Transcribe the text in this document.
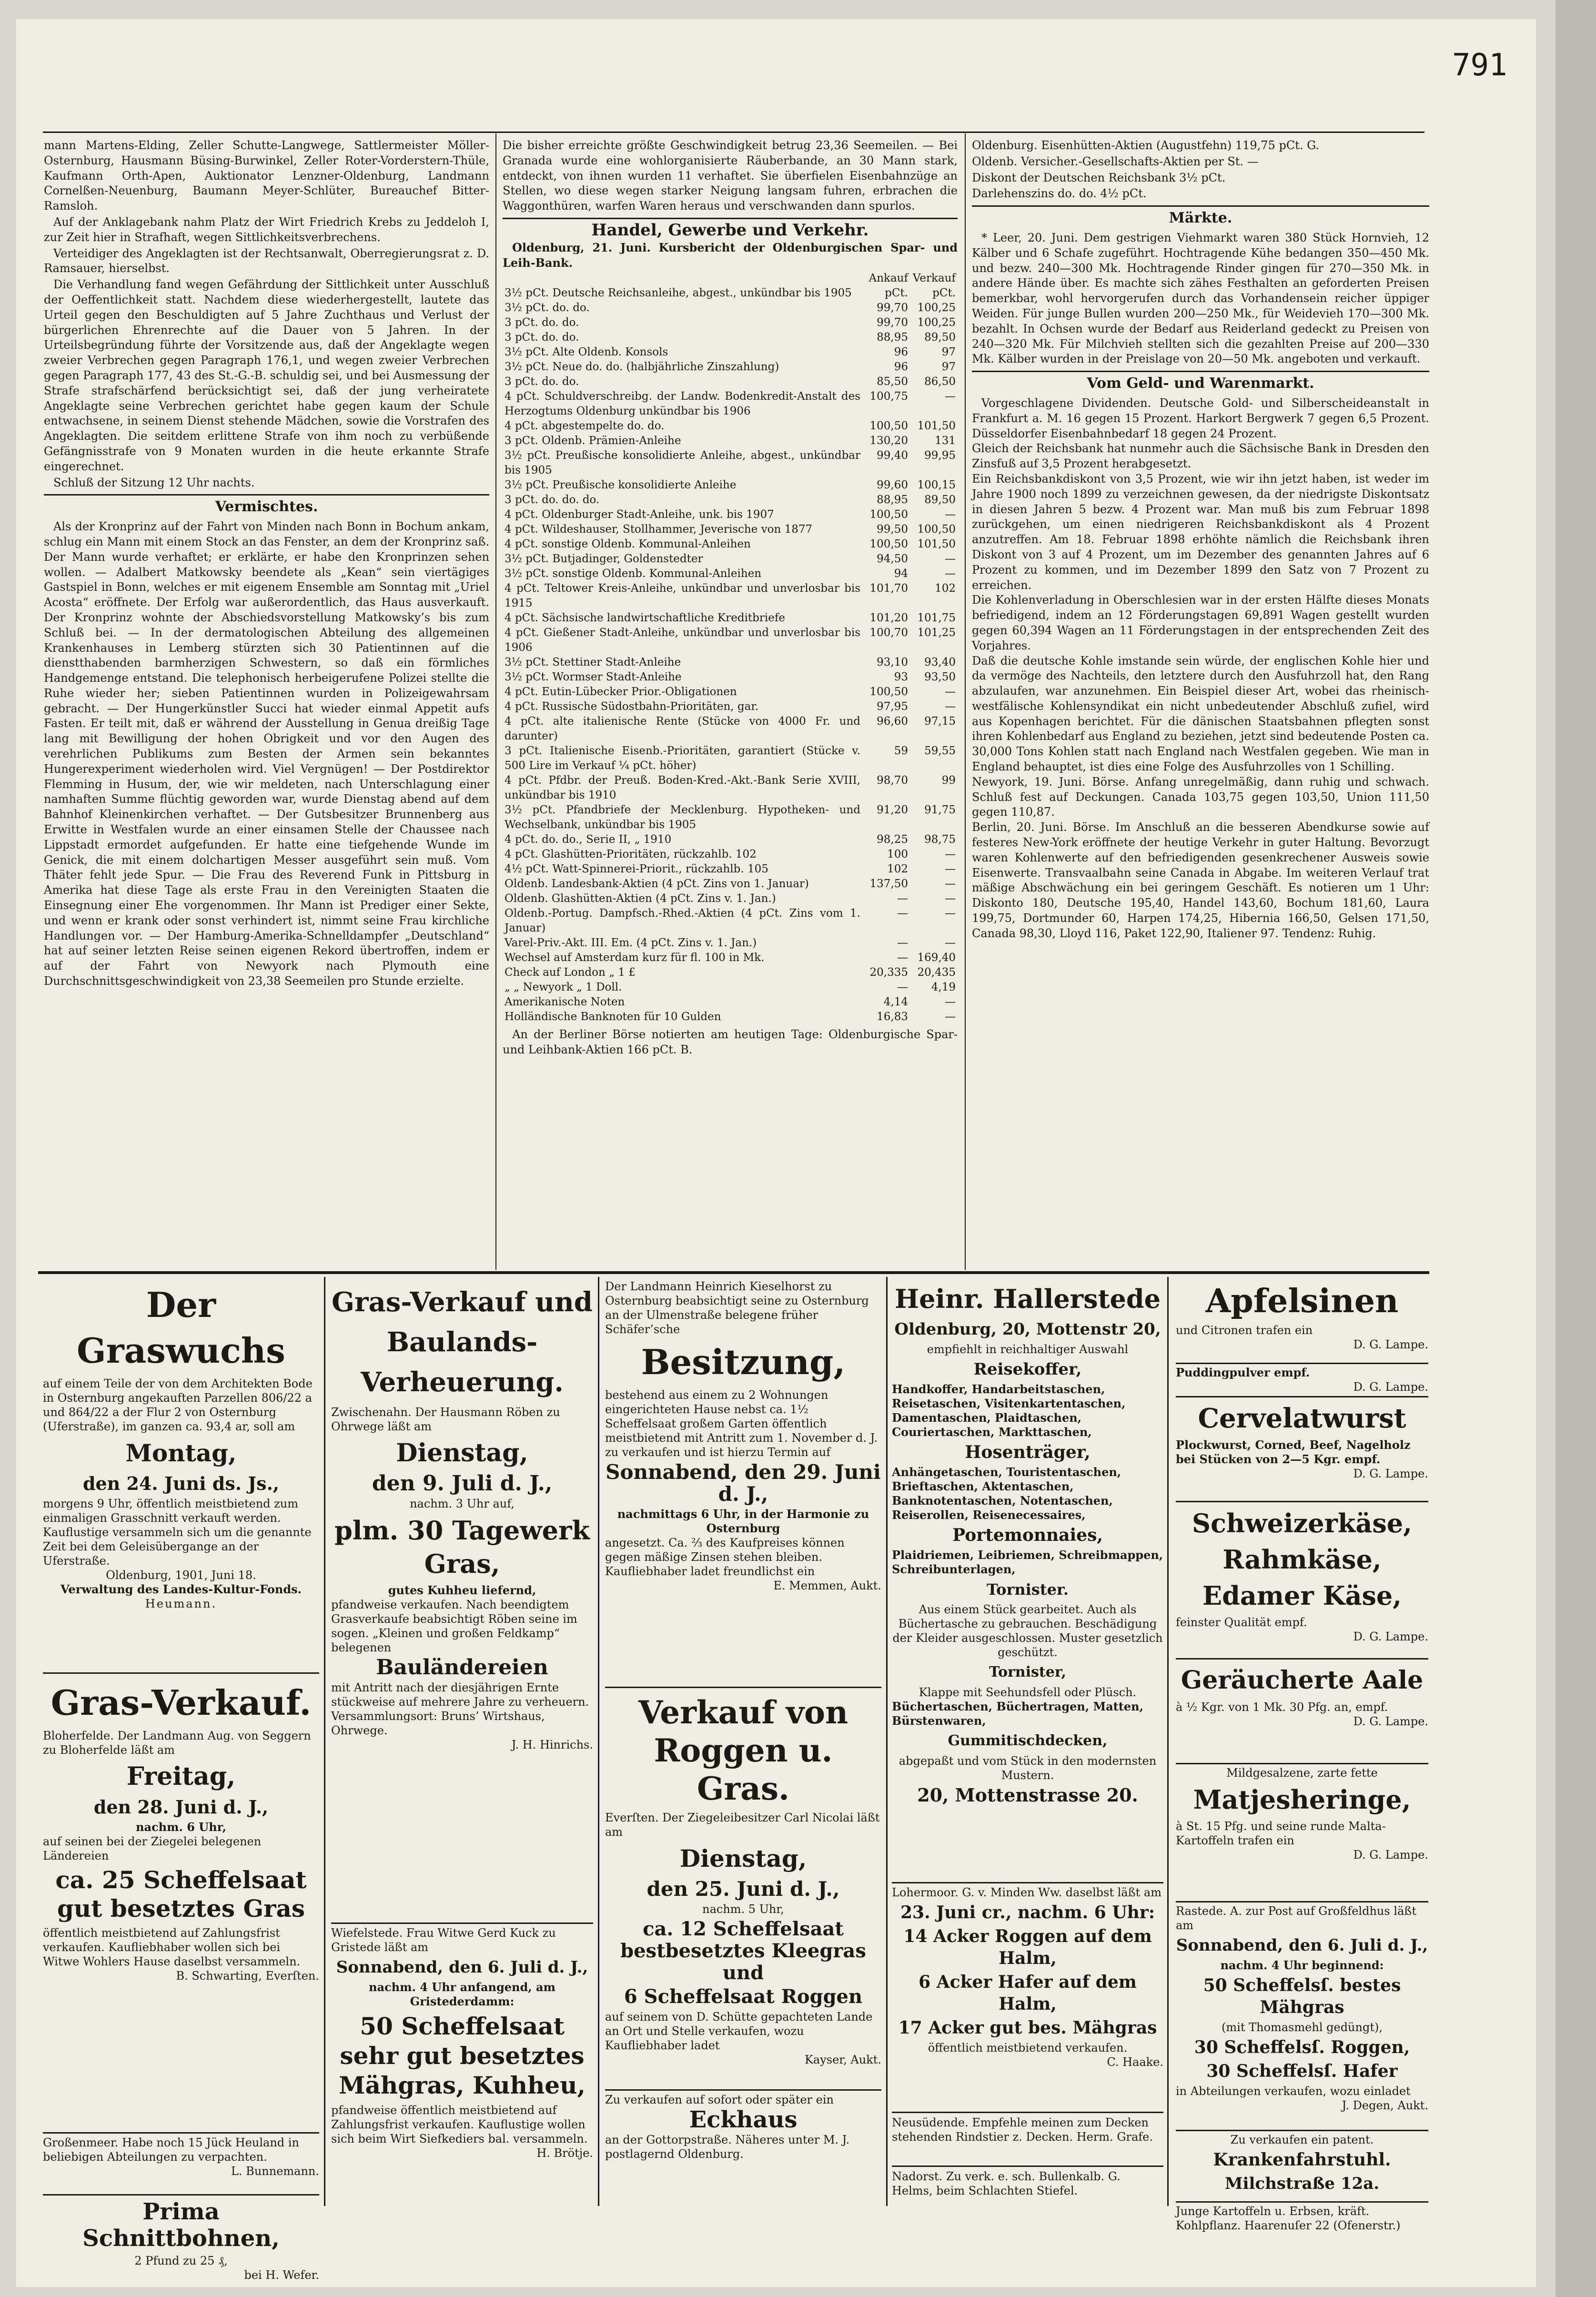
791

mann Martens-Elding, Zeller Schutte-Langwege, Sattlermeister Möller-Osternburg, Hausmann Büsing-Burwinkel, Zeller Roter-Vorderstern-Thüle, Kaufmann Orth-Apen, Auktionator Lenzner-Oldenburg, Landmann Cornelßen-Neuenburg, Baumann Meyer-Schlüter, Bureauchef Bitter-Ramsloh.

Auf der Anklagebank nahm Platz der Wirt Friedrich Krebs zu Jeddeloh I, zur Zeit hier in Strafhaft, wegen Sittlichkeitsverbrechens.

Verteidiger des Angeklagten ist der Rechtsanwalt, Oberregierungsrat z. D. Ramsauer, hierselbst.

Die Verhandlung fand wegen Gefährdung der Sittlichkeit unter Ausschluß der Oeffentlichkeit statt. Nachdem diese wiederhergestellt, lautete das Urteil gegen den Beschuldigten auf 5 Jahre Zuchthaus und Verlust der bürgerlichen Ehrenrechte auf die Dauer von 5 Jahren. In der Urteilsbegründung führte der Vorsitzende aus, daß der Angeklagte wegen zweier Verbrechen gegen Paragraph 176,1, und wegen zweier Verbrechen gegen Paragraph 177, 43 des St.-G.-B. schuldig sei, und bei Ausmessung der Strafe strafschärfend berücksichtigt sei, daß der jung verheiratete Angeklagte seine Verbrechen gerichtet habe gegen kaum der Schule entwachsene, in seinem Dienst stehende Mädchen, sowie die Vorstrafen des Angeklagten. Die seitdem erlittene Strafe von ihm noch zu verbüßende Gefängnisstrafe von 9 Monaten wurden in die heute erkannte Strafe eingerechnet.

Schluß der Sitzung 12 Uhr nachts.

Vermischtes.

Als der Kronprinz auf der Fahrt von Minden nach Bonn in Bochum ankam, schlug ein Mann mit einem Stock an das Fenster, an dem der Kronprinz saß. Der Mann wurde verhaftet; er erklärte, er habe den Kronprinzen sehen wollen. — Adalbert Matkowsky beendete als „Kean“ sein viertägiges Gastspiel in Bonn, welches er mit eigenem Ensemble am Sonntag mit „Uriel Acosta“ eröffnete. Der Erfolg war außerordentlich, das Haus ausverkauft. Der Kronprinz wohnte der Abschiedsvorstellung Matkowsky’s bis zum Schluß bei. — In der dermatologischen Abteilung des allgemeinen Krankenhauses in Lemberg stürzten sich 30 Patientinnen auf die dienstthabenden barmherzigen Schwestern, so daß ein förmliches Handgemenge entstand. Die telephonisch herbeigerufene Polizei stellte die Ruhe wieder her; sieben Patientinnen wurden in Polizeigewahrsam gebracht. — Der Hungerkünstler Succi hat wieder einmal Appetit aufs Fasten. Er teilt mit, daß er während der Ausstellung in Genua dreißig Tage lang mit Bewilligung der hohen Obrigkeit und vor den Augen des verehrlichen Publikums zum Besten der Armen sein bekanntes Hungerexperiment wiederholen wird. Viel Vergnügen! — Der Postdirektor Flemming in Husum, der, wie wir meldeten, nach Unterschlagung einer namhaften Summe flüchtig geworden war, wurde Dienstag abend auf dem Bahnhof Kleinenkirchen verhaftet. — Der Gutsbesitzer Brunnenberg aus Erwitte in Westfalen wurde an einer einsamen Stelle der Chaussee nach Lippstadt ermordet aufgefunden. Er hatte eine tiefgehende Wunde im Genick, die mit einem dolchartigen Messer ausgeführt sein muß. Vom Thäter fehlt jede Spur. — Die Frau des Reverend Funk in Pittsburg in Amerika hat diese Tage als erste Frau in den Vereinigten Staaten die Einsegnung einer Ehe vorgenommen. Ihr Mann ist Prediger einer Sekte, und wenn er krank oder sonst verhindert ist, nimmt seine Frau kirchliche Handlungen vor. — Der Hamburg-Amerika-Schnelldampfer „Deutschland“ hat auf seiner letzten Reise seinen eigenen Rekord übertroffen, indem er auf der Fahrt von Newyork nach Plymouth eine Durchschnittsgeschwindigkeit von 23,38 Seemeilen pro Stunde erzielte.

Die bisher erreichte größte Geschwindigkeit betrug 23,36 Seemeilen. — Bei Granada wurde eine wohlorganisierte Räuberbande, an 30 Mann stark, entdeckt, von ihnen wurden 11 verhaftet. Sie überfielen Eisenbahnzüge an Stellen, wo diese wegen starker Neigung langsam fuhren, erbrachen die Waggonthüren, warfen Waren heraus und verschwanden dann spurlos.

Handel, Gewerbe und Verkehr.

Oldenburg, 21. Juni. Kursbericht der Oldenburgischen Spar- und Leih-Bank.

	Ankauf	Verkauf
3½ pCt. Deutsche Reichsanleihe, abgest., unkündbar bis 1905	pCt.	pCt.
3½ pCt. do. do.	99,70	100,25
3 pCt. do. do.	99,70	100,25
3 pCt. do. do.	88,95	89,50
3½ pCt. Alte Oldenb. Konsols	96	97
3½ pCt. Neue do. do. (halbjährliche Zinszahlung)	96	97
3 pCt. do. do.	85,50	86,50
4 pCt. Schuldverschreibg. der Landw. Bodenkredit-Anstalt des Herzogtums Oldenburg unkündbar bis 1906	100,75	—
4 pCt. abgestempelte do. do.	100,50	101,50
3 pCt. Oldenb. Prämien-Anleihe	130,20	131
3½ pCt. Preußische konsolidierte Anleihe, abgest., unkündbar bis 1905	99,40	99,95
3½ pCt. Preußische konsolidierte Anleihe	99,60	100,15
3 pCt. do. do. do.	88,95	89,50
4 pCt. Oldenburger Stadt-Anleihe, unk. bis 1907	100,50	—
4 pCt. Wildeshauser, Stollhammer, Jeverische von 1877	99,50	100,50
4 pCt. sonstige Oldenb. Kommunal-Anleihen	100,50	101,50
3½ pCt. Butjadinger, Goldenstedter	94,50	—
3½ pCt. sonstige Oldenb. Kommunal-Anleihen	94	—
4 pCt. Teltower Kreis-Anleihe, unkündbar und unverlosbar bis 1915	101,70	102
4 pCt. Sächsische landwirtschaftliche Kreditbriefe	101,20	101,75
4 pCt. Gießener Stadt-Anleihe, unkündbar und unverlosbar bis 1906	100,70	101,25
3½ pCt. Stettiner Stadt-Anleihe	93,10	93,40
3½ pCt. Wormser Stadt-Anleihe	93	93,50
4 pCt. Eutin-Lübecker Prior.-Obligationen	100,50	—
4 pCt. Russische Südostbahn-Prioritäten, gar.	97,95	—
4 pCt. alte italienische Rente (Stücke von 4000 Fr. und darunter)	96,60	97,15
3 pCt. Italienische Eisenb.-Prioritäten, garantiert (Stücke v. 500 Lire im Verkauf ¼ pCt. höher)	59	59,55
4 pCt. Pfdbr. der Preuß. Boden-Kred.-Akt.-Bank Serie XVIII, unkündbar bis 1910	98,70	99
3½ pCt. Pfandbriefe der Mecklenburg. Hypotheken- und Wechselbank, unkündbar bis 1905	91,20	91,75
4 pCt. do. do., Serie II, „ 1910	98,25	98,75
4 pCt. Glashütten-Prioritäten, rückzahlb. 102	100	—
4½ pCt. Watt-Spinnerei-Priorit., rückzahlb. 105	102	—
Oldenb. Landesbank-Aktien (4 pCt. Zins von 1. Januar)	137,50	—
Oldenb. Glashütten-Aktien (4 pCt. Zins v. 1. Jan.)	—	—
Oldenb.-Portug. Dampfsch.-Rhed.-Aktien (4 pCt. Zins vom 1. Januar)	—	—
Varel-Priv.-Akt. III. Em. (4 pCt. Zins v. 1. Jan.)	—	—
Wechsel auf Amsterdam kurz für fl. 100 in Mk.	—	169,40
Check auf London „ 1 £	20,335	20,435
„ „ Newyork „ 1 Doll.	—	4,19
Amerikanische Noten	4,14	—
Holländische Banknoten für 10 Gulden	16,83	—

An der Berliner Börse notierten am heutigen Tage: Oldenburgische Spar- und Leihbank-Aktien 166 pCt. B.

Oldenburg. Eisenhütten-Aktien (Augustfehn) 119,75 pCt. G.

Oldenb. Versicher.-Gesellschafts-Aktien per St. —

Diskont der Deutschen Reichsbank 3½ pCt.

Darlehenszins do. do. 4½ pCt.

Märkte.

* Leer, 20. Juni. Dem gestrigen Viehmarkt waren 380 Stück Hornvieh, 12 Kälber und 6 Schafe zugeführt. Hochtragende Kühe bedangen 350—450 Mk. und bezw. 240—300 Mk. Hochtragende Rinder gingen für 270—350 Mk. in andere Hände über. Es machte sich zähes Festhalten an geforderten Preisen bemerkbar, wohl hervorgerufen durch das Vorhandensein reicher üppiger Weiden. Für junge Bullen wurden 200—250 Mk., für Weidevieh 170—300 Mk. bezahlt. In Ochsen wurde der Bedarf aus Reiderland gedeckt zu Preisen von 240—320 Mk. Für Milchvieh stellten sich die gezahlten Preise auf 200—330 Mk. Kälber wurden in der Preislage von 20—50 Mk. angeboten und verkauft.

Vom Geld- und Warenmarkt.

Vorgeschlagene Dividenden. Deutsche Gold- und Silberscheideanstalt in Frankfurt a. M. 16 gegen 15 Prozent. Harkort Bergwerk 7 gegen 6,5 Prozent. Düsseldorfer Eisenbahnbedarf 18 gegen 24 Prozent.
Gleich der Reichsbank hat nunmehr auch die Sächsische Bank in Dresden den Zinsfuß auf 3,5 Prozent herabgesetzt.
Ein Reichsbankdiskont von 3,5 Prozent, wie wir ihn jetzt haben, ist weder im Jahre 1900 noch 1899 zu verzeichnen gewesen, da der niedrigste Diskontsatz in diesen Jahren 5 bezw. 4 Prozent war. Man muß bis zum Februar 1898 zurückgehen, um einen niedrigeren Reichsbankdiskont als 4 Prozent anzutreffen. Am 18. Februar 1898 erhöhte nämlich die Reichsbank ihren Diskont von 3 auf 4 Prozent, um im Dezember des genannten Jahres auf 6 Prozent zu kommen, und im Dezember 1899 den Satz von 7 Prozent zu erreichen.
Die Kohlenverladung in Oberschlesien war in der ersten Hälfte dieses Monats befriedigend, indem an 12 Förderungstagen 69,891 Wagen gestellt wurden gegen 60,394 Wagen an 11 Förderungstagen in der entsprechenden Zeit des Vorjahres.
Daß die deutsche Kohle imstande sein würde, der englischen Kohle hier und da vermöge des Nachteils, den letztere durch den Ausfuhrzoll hat, den Rang abzulaufen, war anzunehmen. Ein Beispiel dieser Art, wobei das rheinisch-westfälische Kohlensyndikat ein nicht unbedeutender Abschluß zufiel, wird aus Kopenhagen berichtet. Für die dänischen Staatsbahnen pflegten sonst ihren Kohlenbedarf aus England zu beziehen, jetzt sind bedeutende Posten ca. 30,000 Tons Kohlen statt nach England nach Westfalen gegeben. Wie man in England behauptet, ist dies eine Folge des Ausfuhrzolles von 1 Schilling.
Newyork, 19. Juni. Börse. Anfang unregelmäßig, dann ruhig und schwach. Schluß fest auf Deckungen. Canada 103,75 gegen 103,50, Union 111,50 gegen 110,87.
Berlin, 20. Juni. Börse. Im Anschluß an die besseren Abendkurse sowie auf festeres New-York eröffnete der heutige Verkehr in guter Haltung. Bevorzugt waren Kohlenwerte auf den befriedigenden gesenkrechener Ausweis sowie Eisenwerte. Transvaalbahn seine Canada in Abgabe. Im weiteren Verlauf trat mäßige Abschwächung ein bei geringem Geschäft. Es notieren um 1 Uhr: Diskonto 180, Deutsche 195,40, Handel 143,60, Bochum 181,60, Laura 199,75, Dortmunder 60, Harpen 174,25, Hibernia 166,50, Gelsen 171,50, Canada 98,30, Lloyd 116, Paket 122,90, Italiener 97. Tendenz: Ruhig.

Der Graswuchs
auf einem Teile der von dem Architekten Bode in Osternburg angekauften Parzellen 806/22 a und 864/22 a der Flur 2 von Osternburg (Uferstraße), im ganzen ca. 93,4 ar, soll am
Montag,
den 24. Juni ds. Js.,
morgens 9 Uhr, öffentlich meistbietend zum einmaligen Grasschnitt verkauft werden. Kauflustige versammeln sich um die genannte Zeit bei dem Geleisübergange an der Uferstraße.
Oldenburg, 1901, Juni 18.
Verwaltung des Landes-Kultur-Fonds.
Heumann.
Gras-Verkauf.
Bloherfelde. Der Landmann Aug. von Seggern zu Bloherfelde läßt am
Freitag,
den 28. Juni d. J.,
nachm. 6 Uhr,
auf seinen bei der Ziegelei belegenen Ländereien
ca. 25 Scheffelsaat gut besetztes Gras
öffentlich meistbietend auf Zahlungsfrist verkaufen. Kaufliebhaber wollen sich bei Witwe Wohlers Hause daselbst versammeln.
B. Schwarting, Everſten.
Großenmeer. Habe noch 15 Jück Heuland in beliebigen Abteilungen zu verpachten.
L. Bunnemann.
Prima Schnittbohnen,
2 Pfund zu 25 ₰,
bei H. Wefer.
Gras-Verkauf und Baulands-Verheuerung.
Zwischenahn. Der Hausmann Röben zu Ohrwege läßt am
Dienstag,
den 9. Juli d. J.,
nachm. 3 Uhr auf,
plm. 30 Tagewerk Gras,
gutes Kuhheu liefernd,
pfandweise verkaufen. Nach beendigtem Grasverkaufe beabsichtigt Röben seine im sogen. „Kleinen und großen Feldkamp“ belegenen
Bauländereien
mit Antritt nach der diesjährigen Ernte stückweise auf mehrere Jahre zu verheuern. Versammlungsort: Bruns’ Wirtshaus, Ohrwege.
J. H. Hinrichs.
Wiefelstede. Frau Witwe Gerd Kuck zu Gristede läßt am
Sonnabend, den 6. Juli d. J.,
nachm. 4 Uhr anfangend, am Gristederdamm:
50 Scheffelsaat sehr gut besetztes Mähgras, Kuhheu,
pfandweise öffentlich meistbietend auf Zahlungsfrist verkaufen. Kauflustige wollen sich beim Wirt Siefkediers bal. versammeln.
H. Brötje.
Der Landmann Heinrich Kieselhorst zu Osternburg beabsichtigt seine zu Osternburg an der Ulmenstraße belegene früher Schäfer’sche
Besitzung,
bestehend aus einem zu 2 Wohnungen eingerichteten Hause nebst ca. 1½ Scheffelsaat großem Garten öffentlich meistbietend mit Antritt zum 1. November d. J. zu verkaufen und ist hierzu Termin auf
Sonnabend, den 29. Juni d. J.,
nachmittags 6 Uhr, in der Harmonie zu Osternburg
angesetzt. Ca. ⅔ des Kaufpreises können gegen mäßige Zinsen stehen bleiben. Kaufliebhaber ladet freundlichst ein
E. Memmen, Aukt.
Verkauf von Roggen u. Gras.
Everſten. Der Ziegeleibesitzer Carl Nicolai läßt am
Dienstag,
den 25. Juni d. J.,
nachm. 5 Uhr,
ca. 12 Scheffelsaat bestbesetztes Kleegras und
6 Scheffelsaat Roggen
auf seinem von D. Schütte gepachteten Lande an Ort und Stelle verkaufen, wozu Kaufliebhaber ladet
Kayser, Aukt.
Zu verkaufen auf sofort oder später ein
Eckhaus
an der Gottorpstraße. Näheres unter M. J. postlagernd Oldenburg.
Heinr. Hallerstede
Oldenburg, 20, Mottenstr 20,
empfiehlt in reichhaltiger Auswahl
Reisekoffer,
Handkoffer, Handarbeitstaschen, Reisetaschen, Visitenkartentaschen, Damentaschen, Plaidtaschen, Couriertaschen, Markttaschen,
Hosenträger,
Anhängetaschen, Touristentaschen, Brieftaschen, Aktentaschen, Banknotentaschen, Notentaschen, Reiserollen, Reisenecessaires,
Portemonnaies,
Plaidriemen, Leibriemen, Schreibmappen, Schreibunterlagen,
Tornister.
Aus einem Stück gearbeitet. Auch als Büchertasche zu gebrauchen. Beschädigung der Kleider ausgeschlossen. Muster gesetzlich geschützt.
Tornister,
Klappe mit Seehundsfell oder Plüsch.
Büchertaschen, Büchertragen, Matten, Bürstenwaren,
Gummitischdecken,
abgepaßt und vom Stück in den modernsten Mustern.
20, Mottenstrasse 20.
Lohermoor. G. v. Minden Ww. daselbst läßt am
23. Juni cr., nachm. 6 Uhr:
14 Acker Roggen auf dem Halm,
6 Acker Hafer auf dem Halm,
17 Acker gut bes. Mähgras
öffentlich meistbietend verkaufen.
C. Haake.
Neusüdende. Empfehle meinen zum Decken stehenden Rindstier z. Decken. Herm. Grafe.
Nadorst. Zu verk. e. sch. Bullenkalb. G. Helms, beim Schlachten Stiefel.
Apfelsinen
und Citronen trafen ein
D. G. Lampe.
Puddingpulver empf.
D. G. Lampe.
Cervelatwurst
Plockwurst, Corned, Beef, Nagelholz bei Stücken von 2—5 Kgr. empf.
D. G. Lampe.
Schweizerkäse,
Rahmkäse,
Edamer Käse,
feinster Qualität empf.
D. G. Lampe.
Geräucherte Aale
à ½ Kgr. von 1 Mk. 30 Pfg. an, empf.
D. G. Lampe.
Mildgesalzene, zarte fette
Matjesheringe,
à St. 15 Pfg. und seine runde Malta-Kartoffeln trafen ein
D. G. Lampe.
Rastede. A. zur Post auf Großfeldhus läßt am
Sonnabend, den 6. Juli d. J.,
nachm. 4 Uhr beginnend:
50 Scheffelsſ. bestes Mähgras
(mit Thomasmehl gedüngt),
30 Scheffelsſ. Roggen,
30 Scheffelsſ. Hafer
in Abteilungen verkaufen, wozu einladet
J. Degen, Aukt.
Zu verkaufen ein patent.
Krankenfahrstuhl.
Milchstraße 12a.
Junge Kartoffeln u. Erbsen, kräft. Kohlpflanz. Haarenuſer 22 (Ofenerstr.)
